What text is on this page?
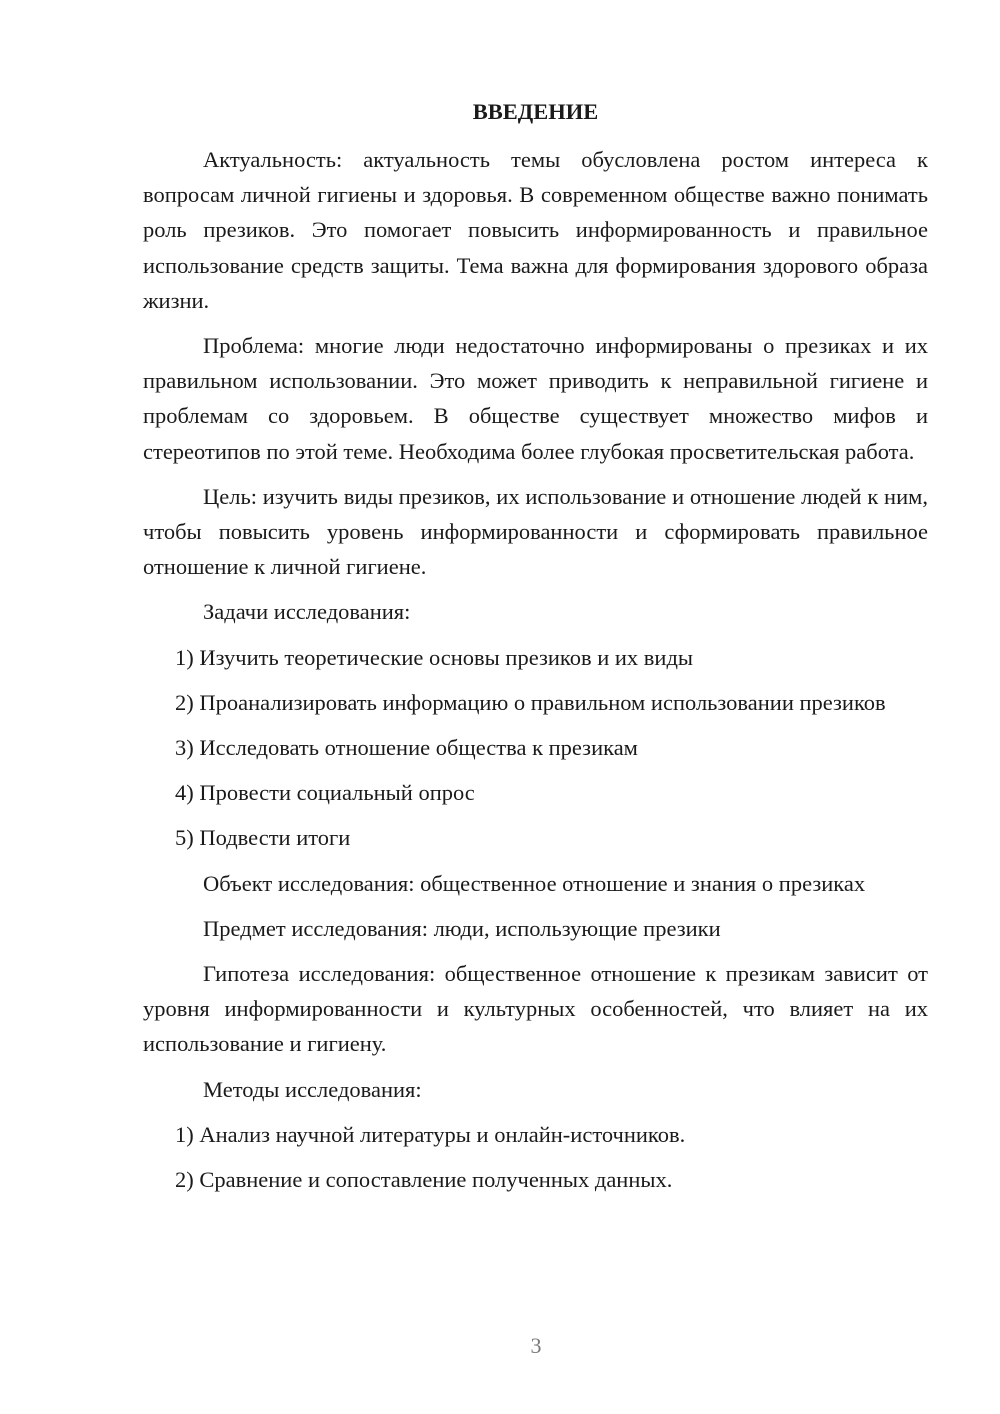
ВВЕДЕНИЕ

Актуальность: актуальность темы обусловлена ростом интереса к вопросам личной гигиены и здоровья. В современном обществе важно понимать роль презиков. Это помогает повысить информированность и правильное использование средств защиты. Тема важна для формирования здорового образа жизни.

Проблема: многие люди недостаточно информированы о презиках и их правильном использовании. Это может приводить к неправильной гигиене и проблемам со здоровьем. В обществе существует множество мифов и стереотипов по этой теме. Необходима более глубокая просветительская работа.

Цель: изучить виды презиков, их использование и отношение людей к ним, чтобы повысить уровень информированности и сформировать правильное отношение к личной гигиене.

Задачи исследования:

1) Изучить теоретические основы презиков и их виды

2) Проанализировать информацию о правильном использовании презиков

3) Исследовать отношение общества к презикам

4) Провести социальный опрос

5) Подвести итоги

Объект исследования: общественное отношение и знания о презиках

Предмет исследования: люди, использующие презики

Гипотеза исследования: общественное отношение к презикам зависит от уровня информированности и культурных особенностей, что влияет на их использование и гигиену.

Методы исследования:

1) Анализ научной литературы и онлайн-источников.

2) Сравнение и сопоставление полученных данных.

3
